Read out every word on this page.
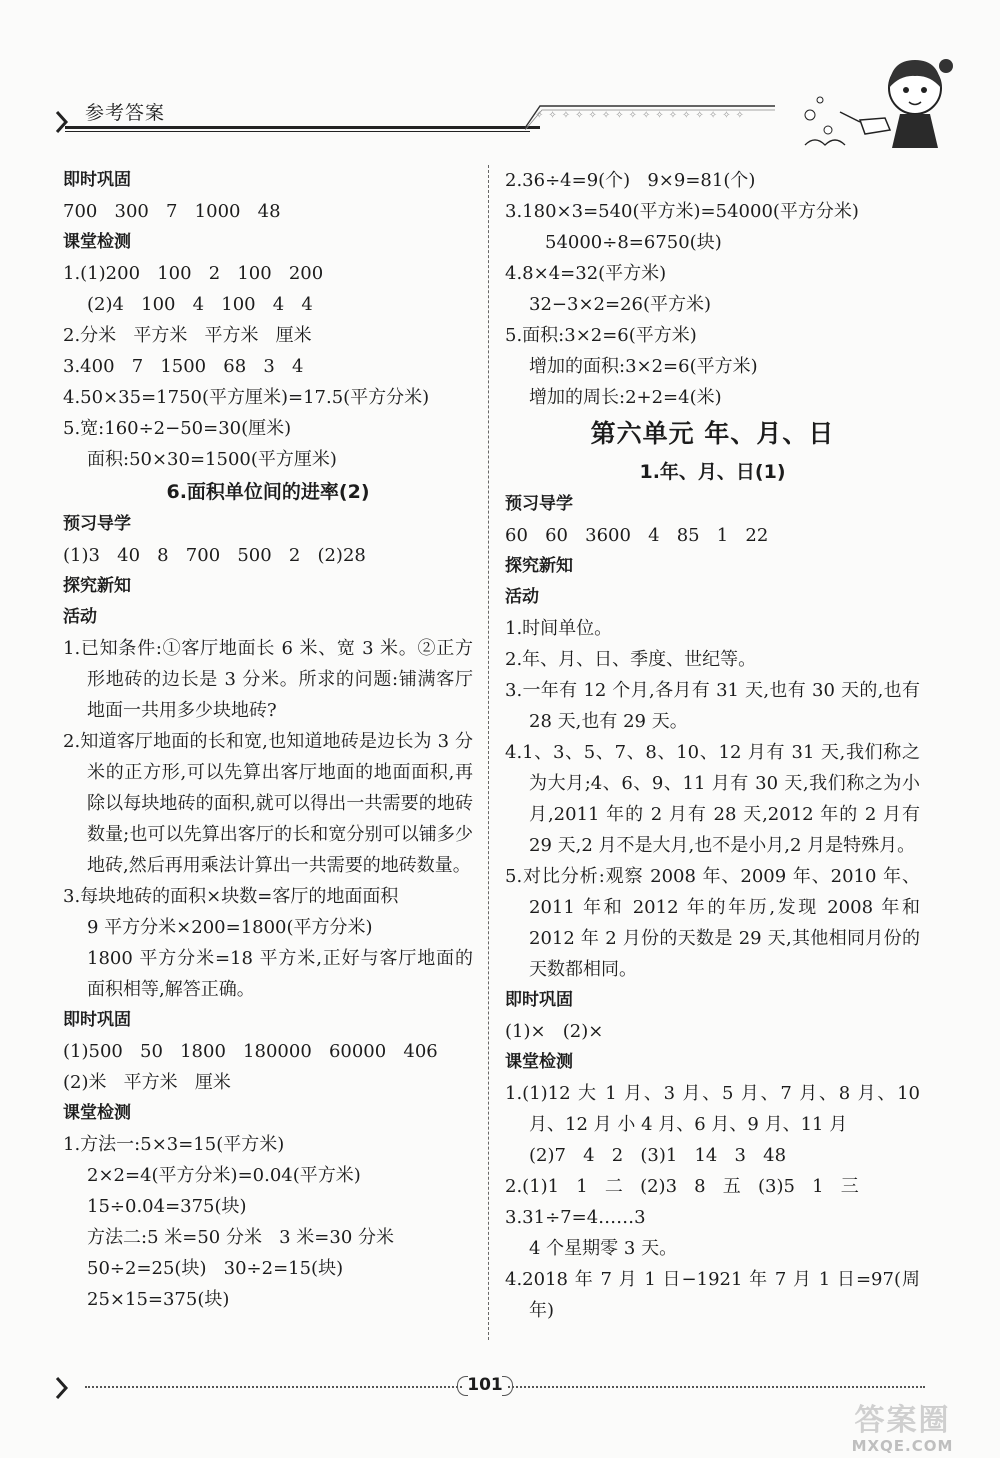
参考答案	✧✧✧✧✧✧✧✧✧✧✧✧✧✧✧✧
即时巩固
700   300   7   1000   48
课堂检测
1.(1)200   100   2   100   200
(2)4   100   4   100   4   4
2.分米   平方米   平方米   厘米
3.400   7   1500   68   3   4
4.50×35=1750(平方厘米)=17.5(平方分米)
5.宽:160÷2−50=30(厘米)
面积:50×30=1500(平方厘米)
6.面积单位间的进率(2)
预习导学
(1)3   40   8   700   500   2   (2)28
探究新知
活动
1.已知条件:①客厅地面长 6 米、宽 3 米。②正方形地砖的边长是 3 分米。所求的问题:铺满客厅地面一共用多少块地砖?
2.知道客厅地面的长和宽,也知道地砖是边长为 3 分米的正方形,可以先算出客厅地面的地面面积,再除以每块地砖的面积,就可以得出一共需要的地砖数量;也可以先算出客厅的长和宽分别可以铺多少地砖,然后再用乘法计算出一共需要的地砖数量。
3.每块地砖的面积×块数=客厅的地面面积
9 平方分米×200=1800(平方分米)
1800 平方分米=18 平方米,正好与客厅地面的面积相等,解答正确。
即时巩固
(1)500   50   1800   180000   60000   406
(2)米   平方米   厘米
课堂检测
1.方法一:5×3=15(平方米)
2×2=4(平方分米)=0.04(平方米)
15÷0.04=375(块)
方法二:5 米=50 分米   3 米=30 分米
50÷2=25(块)   30÷2=15(块)
25×15=375(块)
2.36÷4=9(个)   9×9=81(个)
3.180×3=540(平方米)=54000(平方分米)
54000÷8=6750(块)
4.8×4=32(平方米)
32−3×2=26(平方米)
5.面积:3×2=6(平方米)
增加的面积:3×2=6(平方米)
增加的周长:2+2=4(米)
第六单元 年、月、日
1.年、月、日(1)
预习导学
60   60   3600   4   85   1   22
探究新知
活动
1.时间单位。
2.年、月、日、季度、世纪等。
3.一年有 12 个月,各月有 31 天,也有 30 天的,也有 28 天,也有 29 天。
4.1、3、5、7、8、10、12 月有 31 天,我们称之为大月;4、6、9、11 月有 30 天,我们称之为小月,2011 年的 2 月有 28 天,2012 年的 2 月有 29 天,2 月不是大月,也不是小月,2 月是特殊月。
5.对比分析:观察 2008 年、2009 年、2010 年、2011 年和 2012 年的年历,发现 2008 年和 2012 年 2 月份的天数是 29 天,其他相同月份的天数都相同。
即时巩固
(1)×   (2)×
课堂检测
1.(1)12 大 1 月、3 月、5 月、7 月、8 月、10 月、12 月 小 4 月、6 月、9 月、11 月
(2)7   4   2   (3)1   14   3   48
2.(1)1   1   二   (2)3   8   五   (3)5   1   三
3.31÷7=4……3
4 个星期零 3 天。
4.2018 年 7 月 1 日−1921 年 7 月 1 日=97(周年)
101
答案圈
MXQE.COM
